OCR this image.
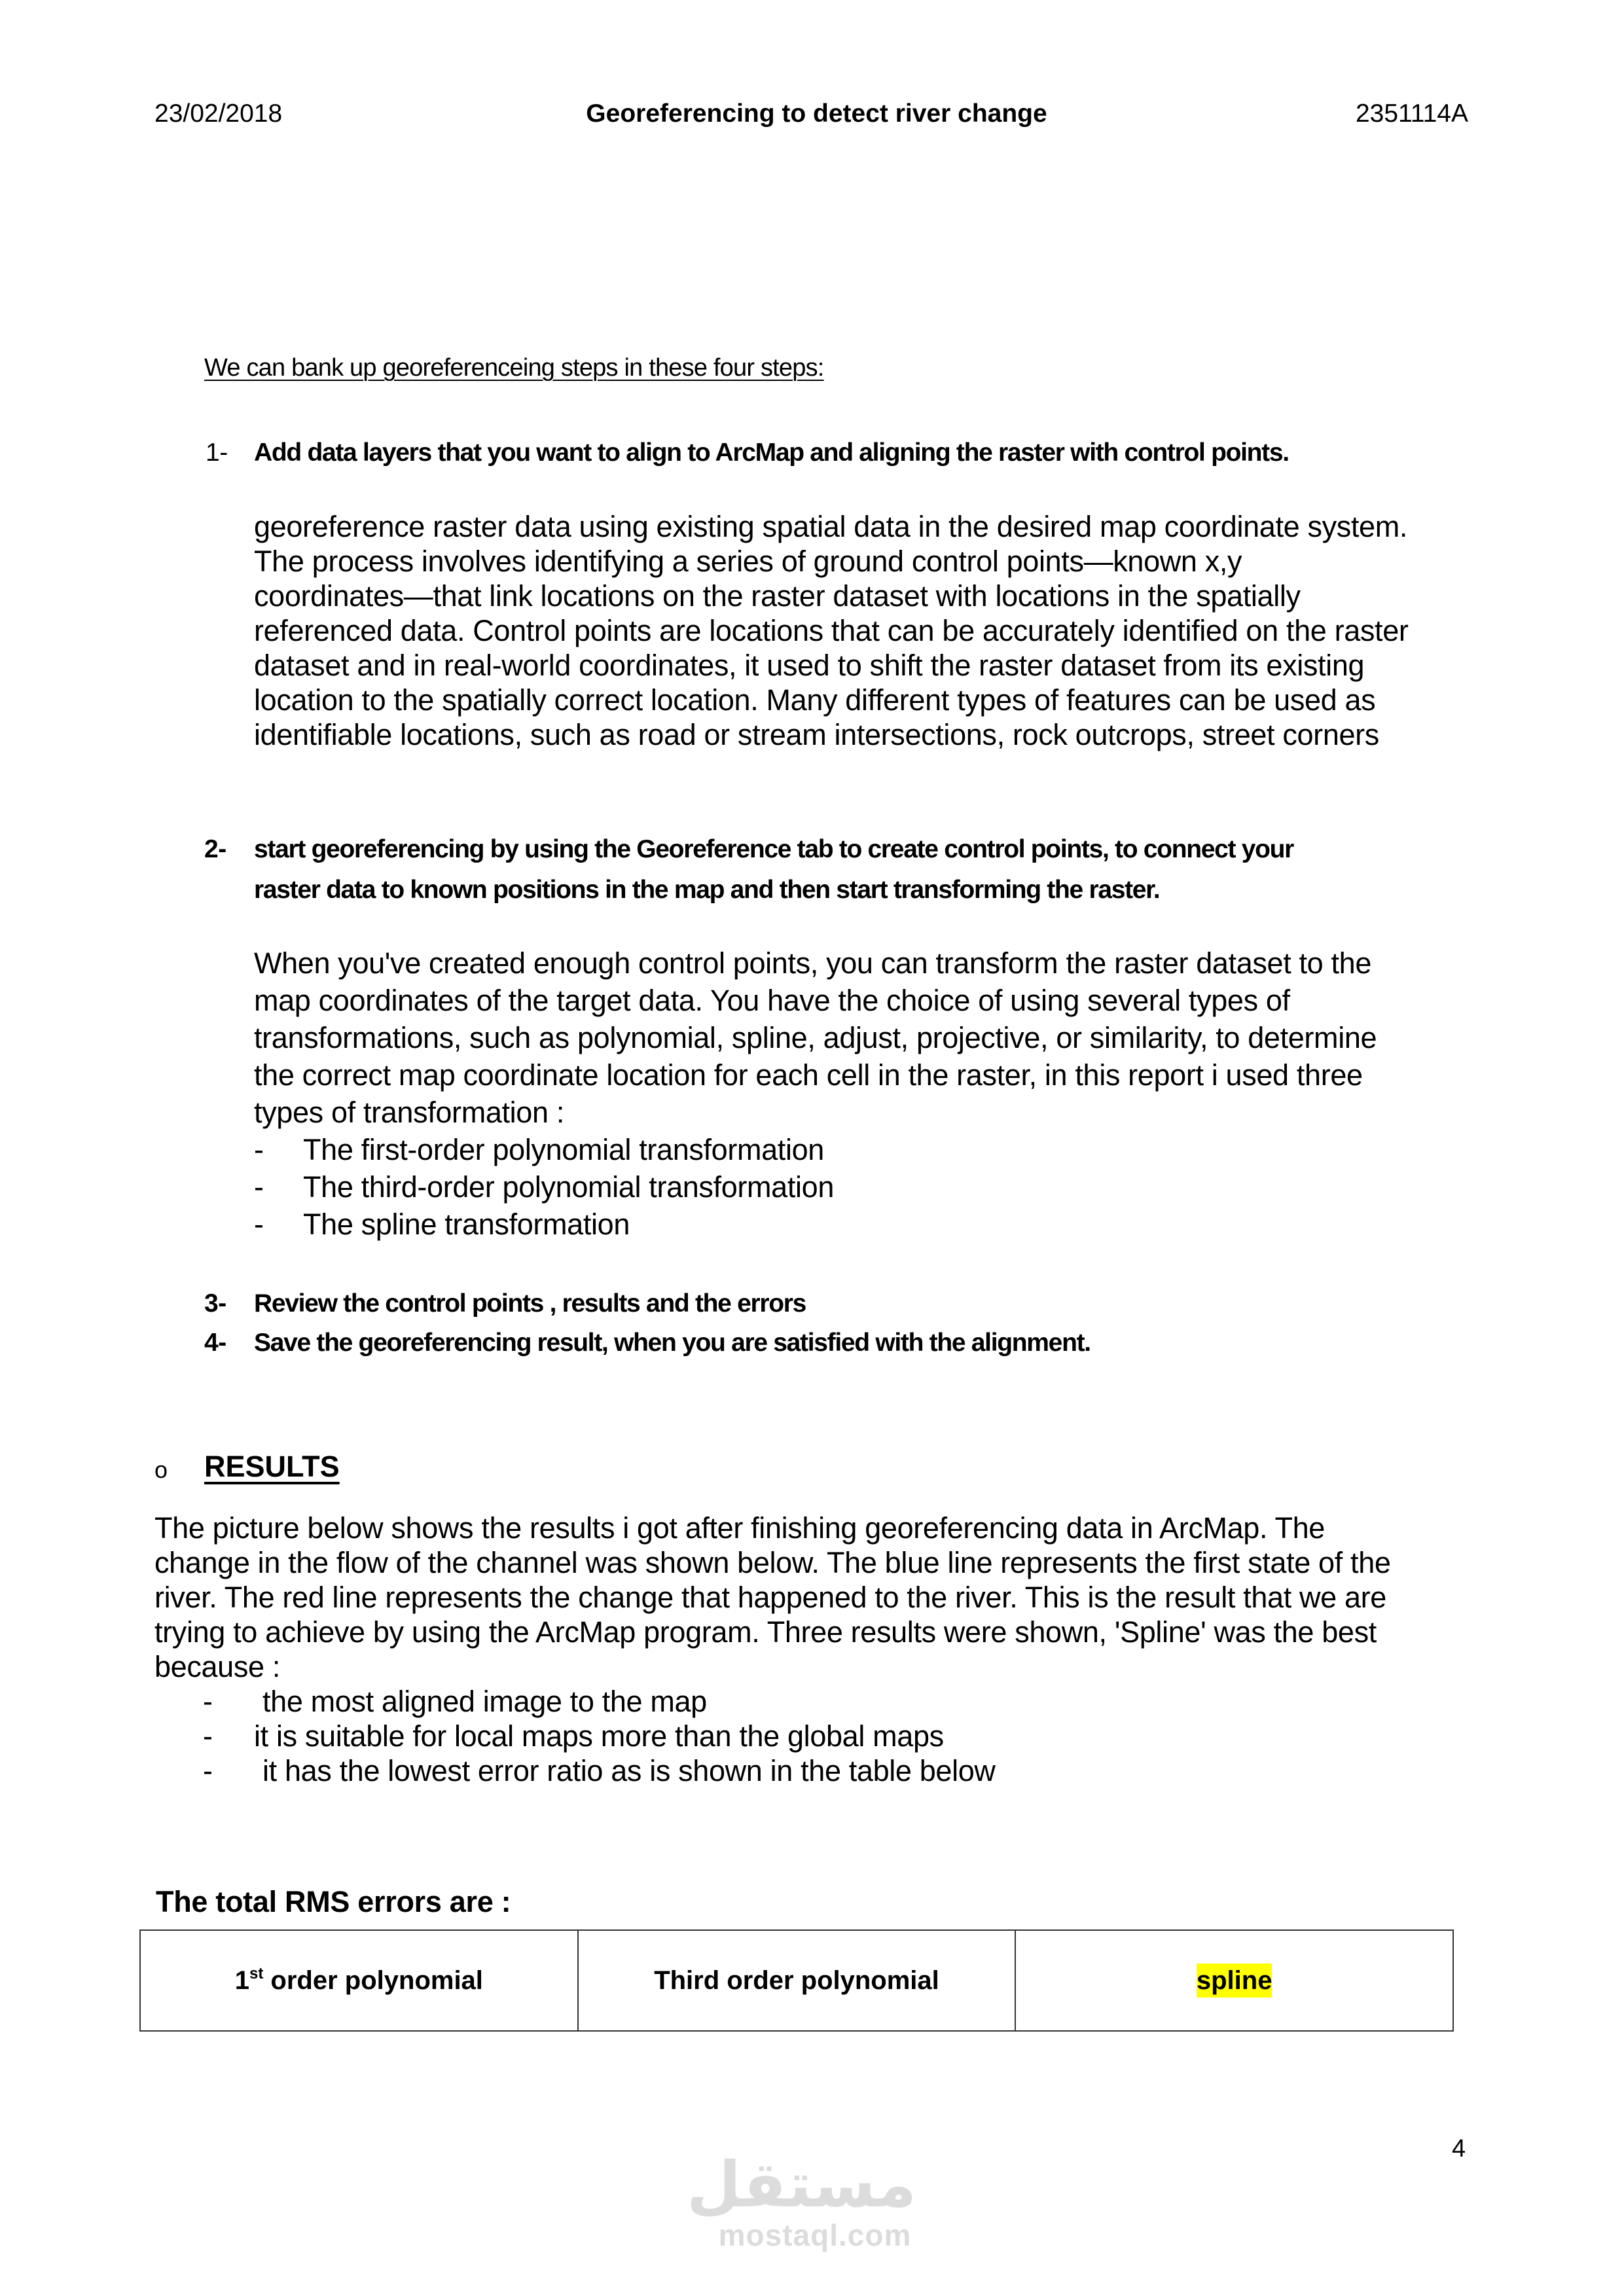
23/02/2018	Georeferencing to detect river change	2351114A
We can bank up georeferenceing steps in these four steps:
1- Add data layers that you want to align to ArcMap and aligning the raster with control points.
georeference raster data using existing spatial data in the desired map coordinate system.
The process involves identifying a series of ground control points—known x,y
coordinates—that link locations on the raster dataset with locations in the spatially
referenced data. Control points are locations that can be accurately identified on the raster
dataset and in real-world coordinates, it used to shift the raster dataset from its existing
location to the spatially correct location. Many different types of features can be used as
identifiable locations, such as road or stream intersections, rock outcrops, street corners
2- start georeferencing by using the Georeference tab to create control points, to connect your
raster data to known positions in the map and then start transforming the raster.
When you've created enough control points, you can transform the raster dataset to the
map coordinates of the target data. You have the choice of using several types of
transformations, such as polynomial, spline, adjust, projective, or similarity, to determine
the correct map coordinate location for each cell in the raster, in this report i used three
types of transformation :
- The first-order polynomial transformation
- The third-order polynomial transformation
- The spline transformation
3- Review the control points , results and the errors
4- Save the georeferencing result, when you are satisfied with the alignment.
o RESULTS
The picture below shows the results i got after finishing georeferencing data in ArcMap. The
change in the flow of the channel was shown below. The blue line represents the first state of the
river. The red line represents the change that happened to the river. This is the result that we are
trying to achieve by using the ArcMap program. Three results were shown, 'Spline' was the best
because :
- the most aligned image to the map
- it is suitable for local maps more than the global maps
- it has the lowest error ratio as is shown in the table below
The total RMS errors are :
1st order polynomial	Third order polynomial	spline
4
مستقل
mostaql.com
